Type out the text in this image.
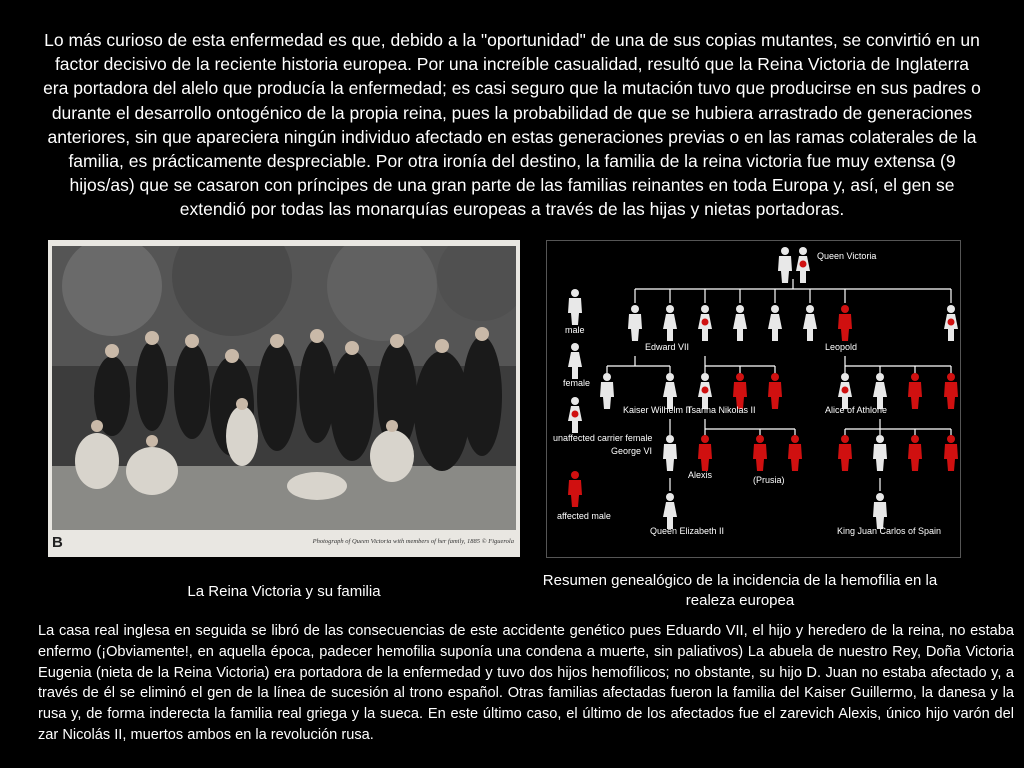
Lo más curioso de esta enfermedad es que, debido a la "oportunidad" de una de sus copias mutantes, se convirtió en un factor decisivo de la reciente historia europea. Por una increíble casualidad, resultó que la Reina Victoria de Inglaterra era portadora del alelo que producía la enfermedad; es casi seguro que la mutación tuvo que producirse en sus padres o durante el desarrollo ontogénico de la propia reina, pues la probabilidad de que se hubiera arrastrado de generaciones anteriores, sin que apareciera ningún individuo afectado en estas generaciones previas o en las ramas colaterales de la familia, es prácticamente despreciable. Por otra ironía del destino, la familia de la reina victoria fue muy extensa (9 hijos/as) que se casaron con príncipes de una gran parte de las familias reinantes en toda Europa y, así, el gen se extendió por todas las monarquías europeas a través de las hijas y nietas portadoras.

B	Photograph of Queen Victoria with members of her family, 1885 © Figuerola
Queen Victoria
Edward VII	Leopold
Kaiser Wilhelm II
Tsarina Nikolas II	Alice of Athlone
George VI
Alexis	(Prusia)
Queen Elizabeth II	King Juan Carlos of Spain
male
female
unaffected carrier female
affected male
La Reina Victoria y su familia
Resumen genealógico de la incidencia de la hemofilia en la realeza europea

La casa real inglesa en seguida se libró de las consecuencias de este accidente genético pues Eduardo VII, el hijo y heredero de la reina, no estaba enfermo (¡Obviamente!, en aquella época, padecer hemofilia suponía una condena a muerte, sin paliativos) La abuela de nuestro Rey, Doña Victoria Eugenia (nieta de la Reina Victoria) era portadora de la enfermedad y tuvo dos hijos hemofílicos; no obstante, su hijo D. Juan no estaba afectado y, a través de él se eliminó el gen de la línea de sucesión al trono español. Otras familias afectadas fueron la familia del Kaiser Guillermo, la danesa y la rusa y, de forma inderecta la familia real griega y la sueca. En este último caso, el último de los afectados fue el zarevich Alexis, único hijo varón del zar Nicolás II, muertos ambos en la revolución rusa.
